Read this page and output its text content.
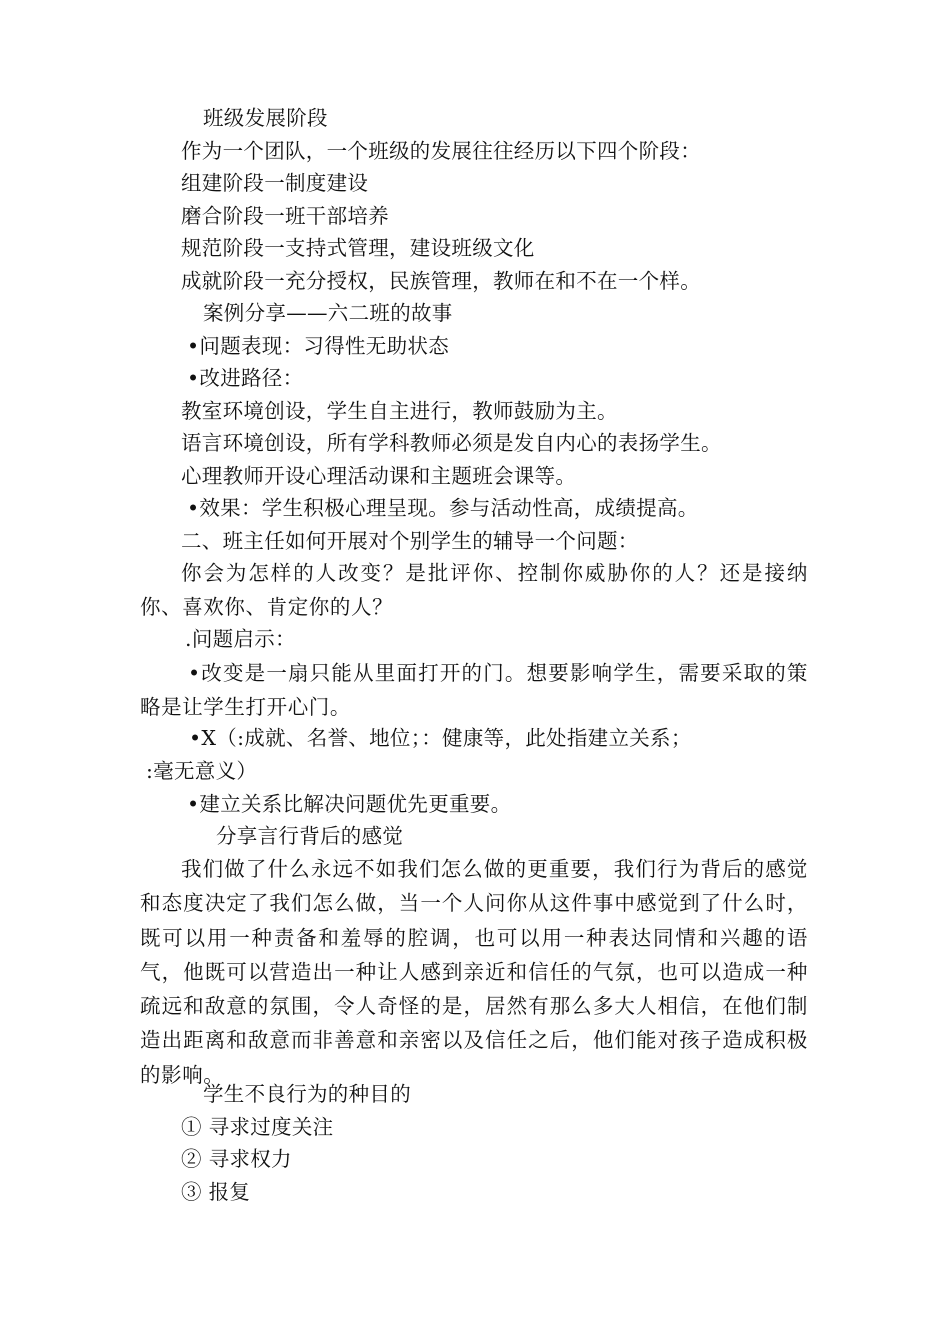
班级发展阶段
作为一个团队，一个班级的发展往往经历以下四个阶段：
组建阶段一制度建设
磨合阶段一班干部培养
规范阶段一支持式管理，建设班级文化
成就阶段一充分授权，民族管理，教师在和不在一个样。
案例分享——六二班的故事
•问题表现：习得性无助状态
•改进路径：
教室环境创设，学生自主进行，教师鼓励为主。
语言环境创设，所有学科教师必须是发自内心的表扬学生。
心理教师开设心理活动课和主题班会课等。
•效果：学生积极心理呈现。参与活动性高，成绩提高。
二、班主任如何开展对个别学生的辅导一个问题：
你会为怎样的人改变？是批评你、控制你威胁你的人？还是接纳你、喜欢你、肯定你的人？
.问题启示：
•改变是一扇只能从里面打开的门。想要影响学生，需要采取的策略是让学生打开心门。
•X（:成就、名誉、地位；：健康等，此处指建立关系；
:毫无意义）
•建立关系比解决问题优先更重要。
分享言行背后的感觉
我们做了什么永远不如我们怎么做的更重要，我们行为背后的感觉和态度决定了我们怎么做，当一个人问你从这件事中感觉到了什么时，既可以用一种责备和羞辱的腔调，也可以用一种表达同情和兴趣的语气，他既可以营造出一种让人感到亲近和信任的气氛，也可以造成一种疏远和敌意的氛围，令人奇怪的是，居然有那么多大人相信，在他们制造出距离和敌意而非善意和亲密以及信任之后，他们能对孩子造成积极的影响。
学生不良行为的种目的
① 寻求过度关注
② 寻求权力
③ 报复
